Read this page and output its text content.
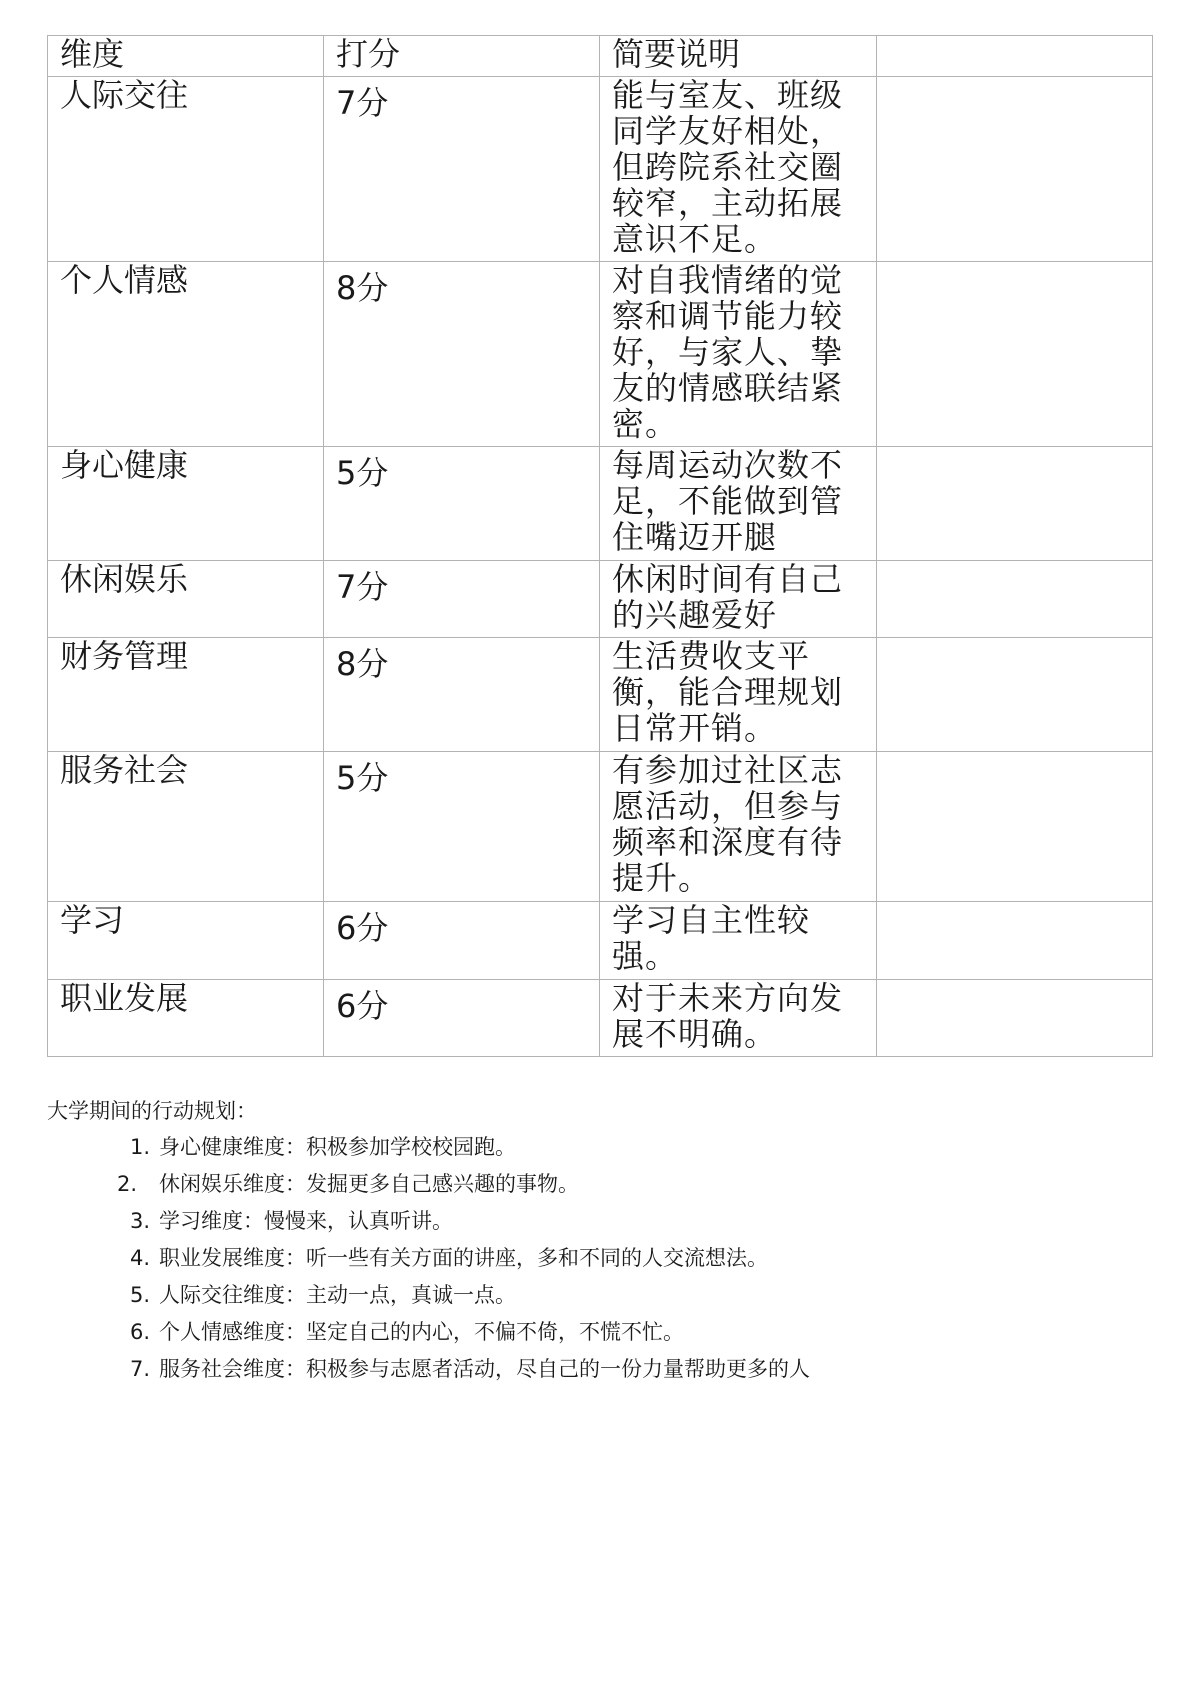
维度	打分	简要说明	
人际交往	7分	能与室友、班级同学友好相处，但跨院系社交圈较窄，主动拓展意识不足。	

个人情感	8分	对自我情绪的觉察和调节能力较好，与家人、挚友的情感联结紧密。	

身心健康	5分	每周运动次数不足，不能做到管住嘴迈开腿	

休闲娱乐	7分	休闲时间有自己的兴趣爱好	

财务管理	8分	生活费收支平衡，能合理规划日常开销。	

服务社会	5分	有参加过社区志愿活动，但参与频率和深度有待提升。	

学习	6分	学习自主性较强。	

职业发展	6分	对于未来方向发展不明确。	

大学期间的行动规划：
1. 身心健康维度：积极参加学校校园跑。
2. 休闲娱乐维度：发掘更多自己感兴趣的事物。
3. 学习维度：慢慢来，认真听讲。
4. 职业发展维度：听一些有关方面的讲座，多和不同的人交流想法。
5. 人际交往维度：主动一点，真诚一点。
6. 个人情感维度：坚定自己的内心，不偏不倚，不慌不忙。
7. 服务社会维度：积极参与志愿者活动，尽自己的一份力量帮助更多的人
